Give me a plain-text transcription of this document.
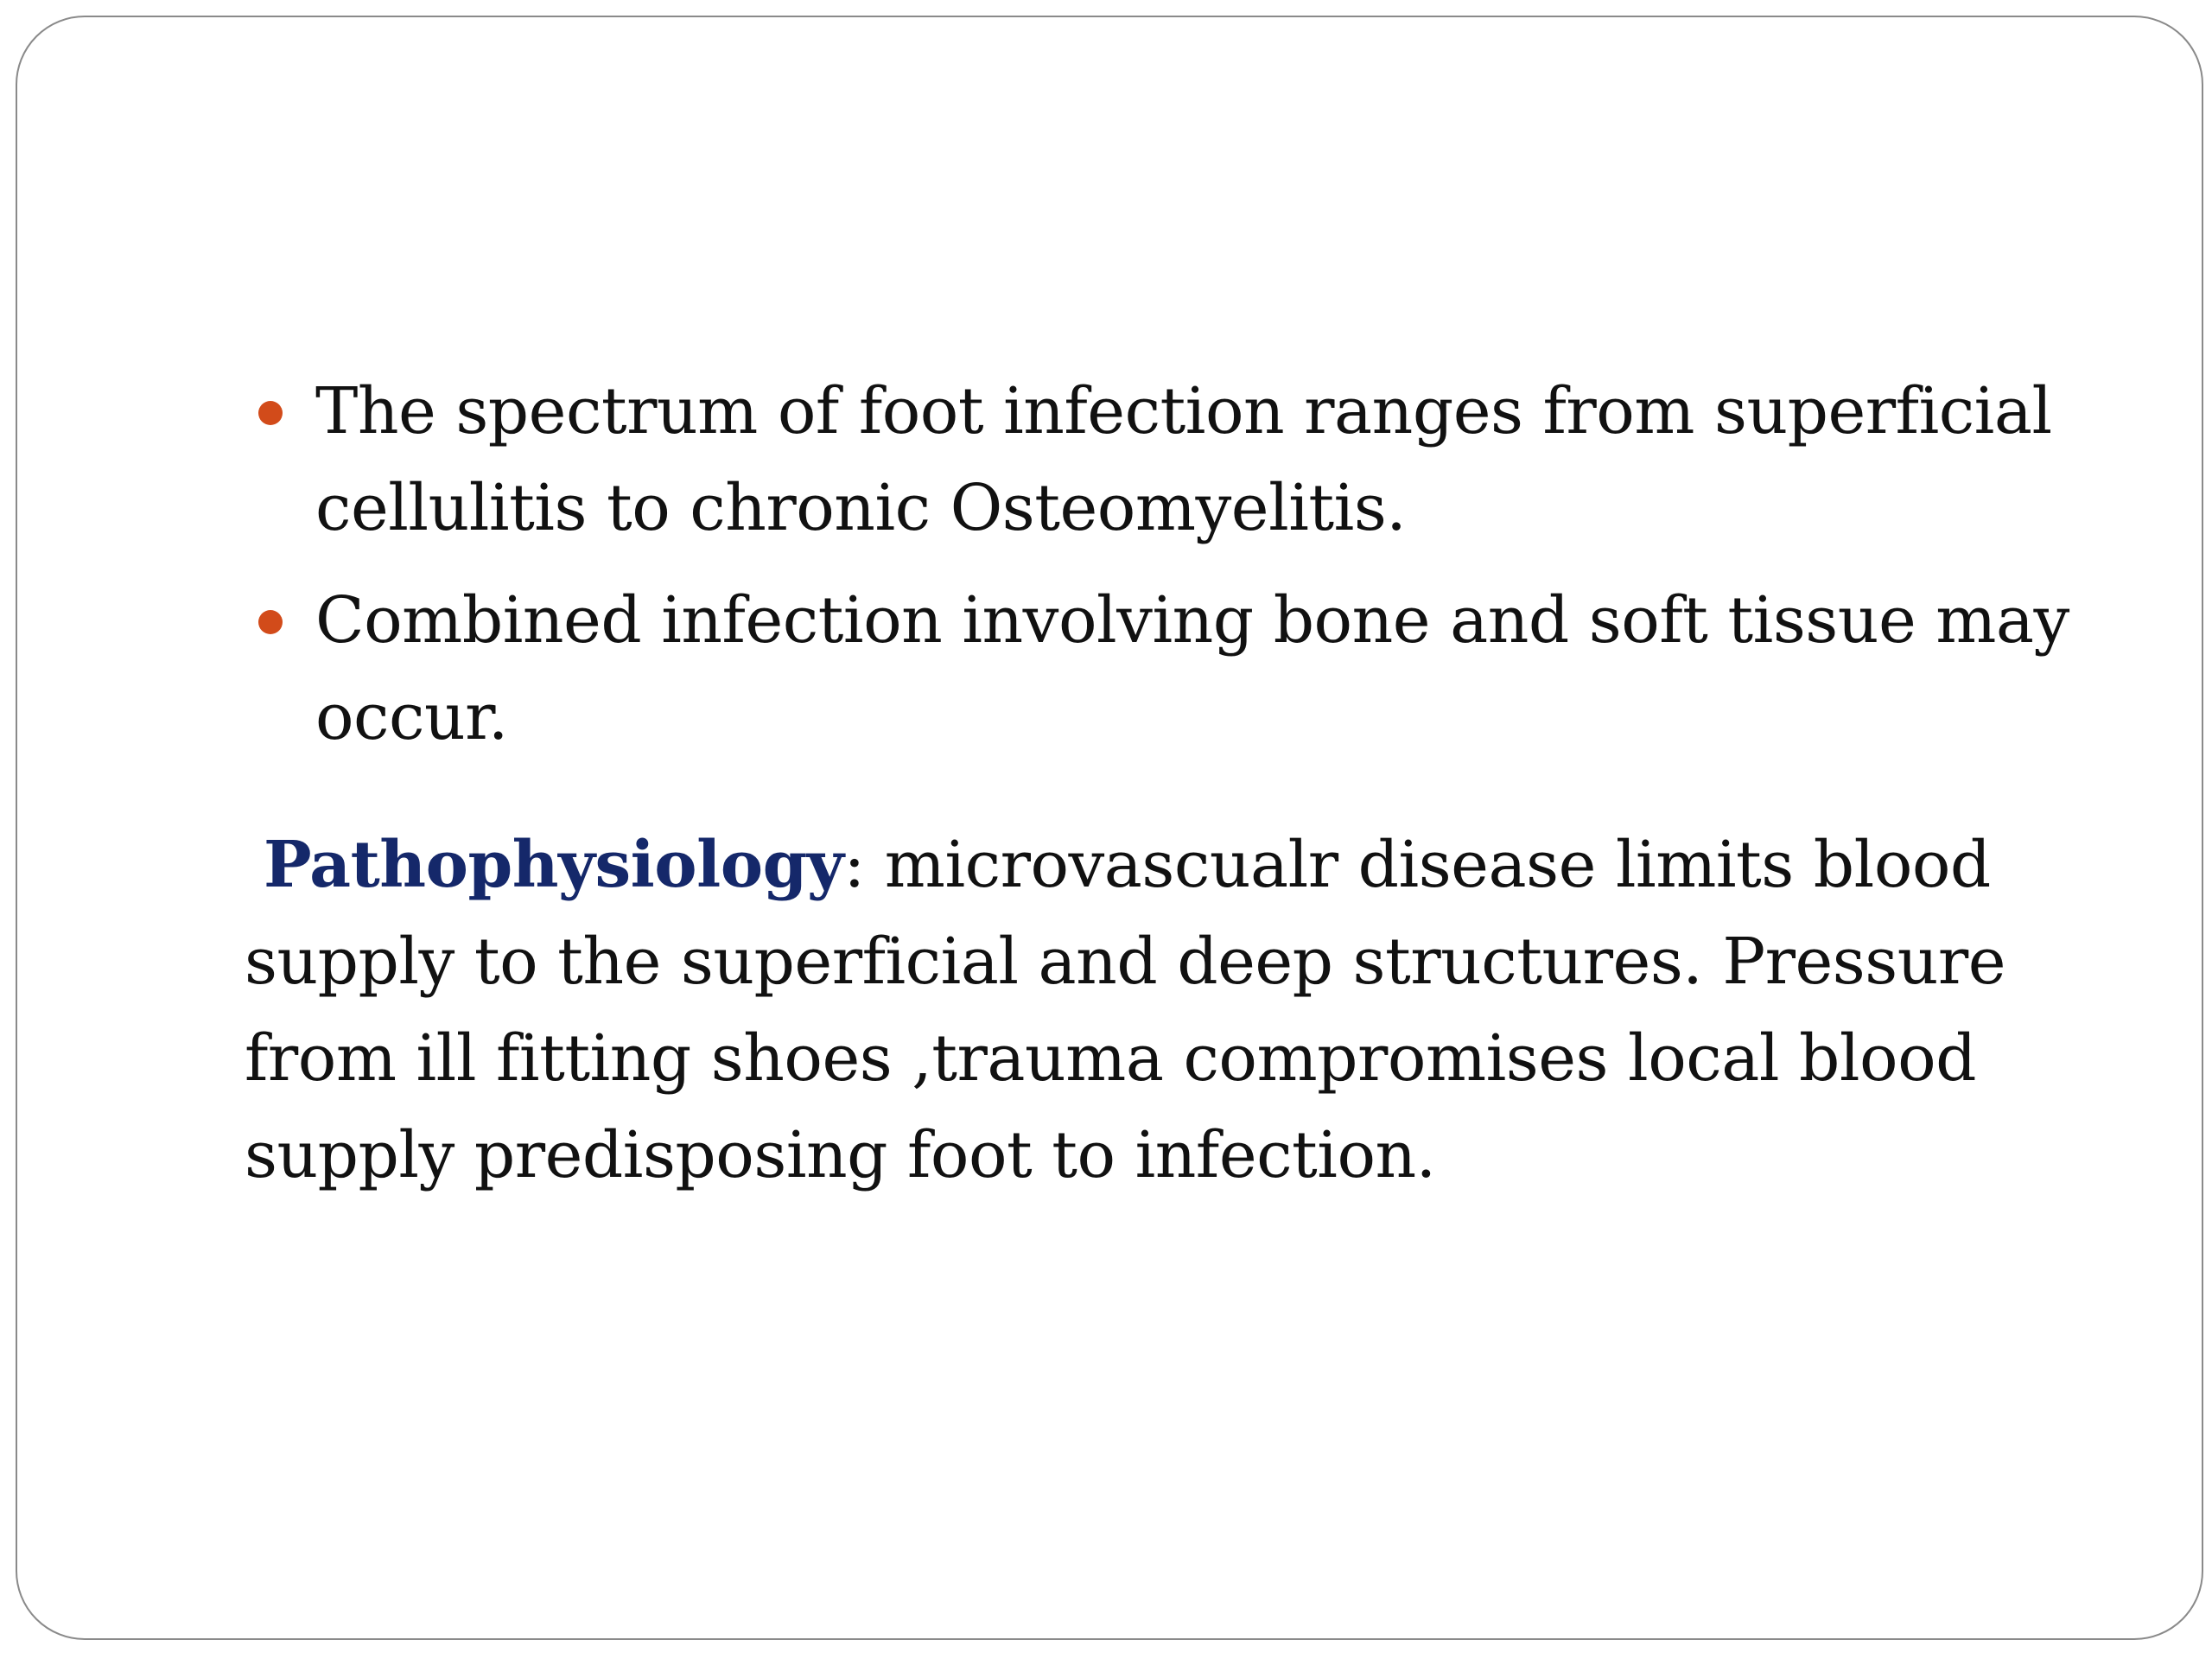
The spectrum of foot infection ranges from superficial cellulitis to chronic Osteomyelitis.
Combined infection involving bone and soft tissue may occur.

Pathophysiology: microvascualr disease limits blood supply to the superficial and deep structures. Pressure from ill fitting shoes ,trauma compromises local blood supply predisposing foot to infection.
